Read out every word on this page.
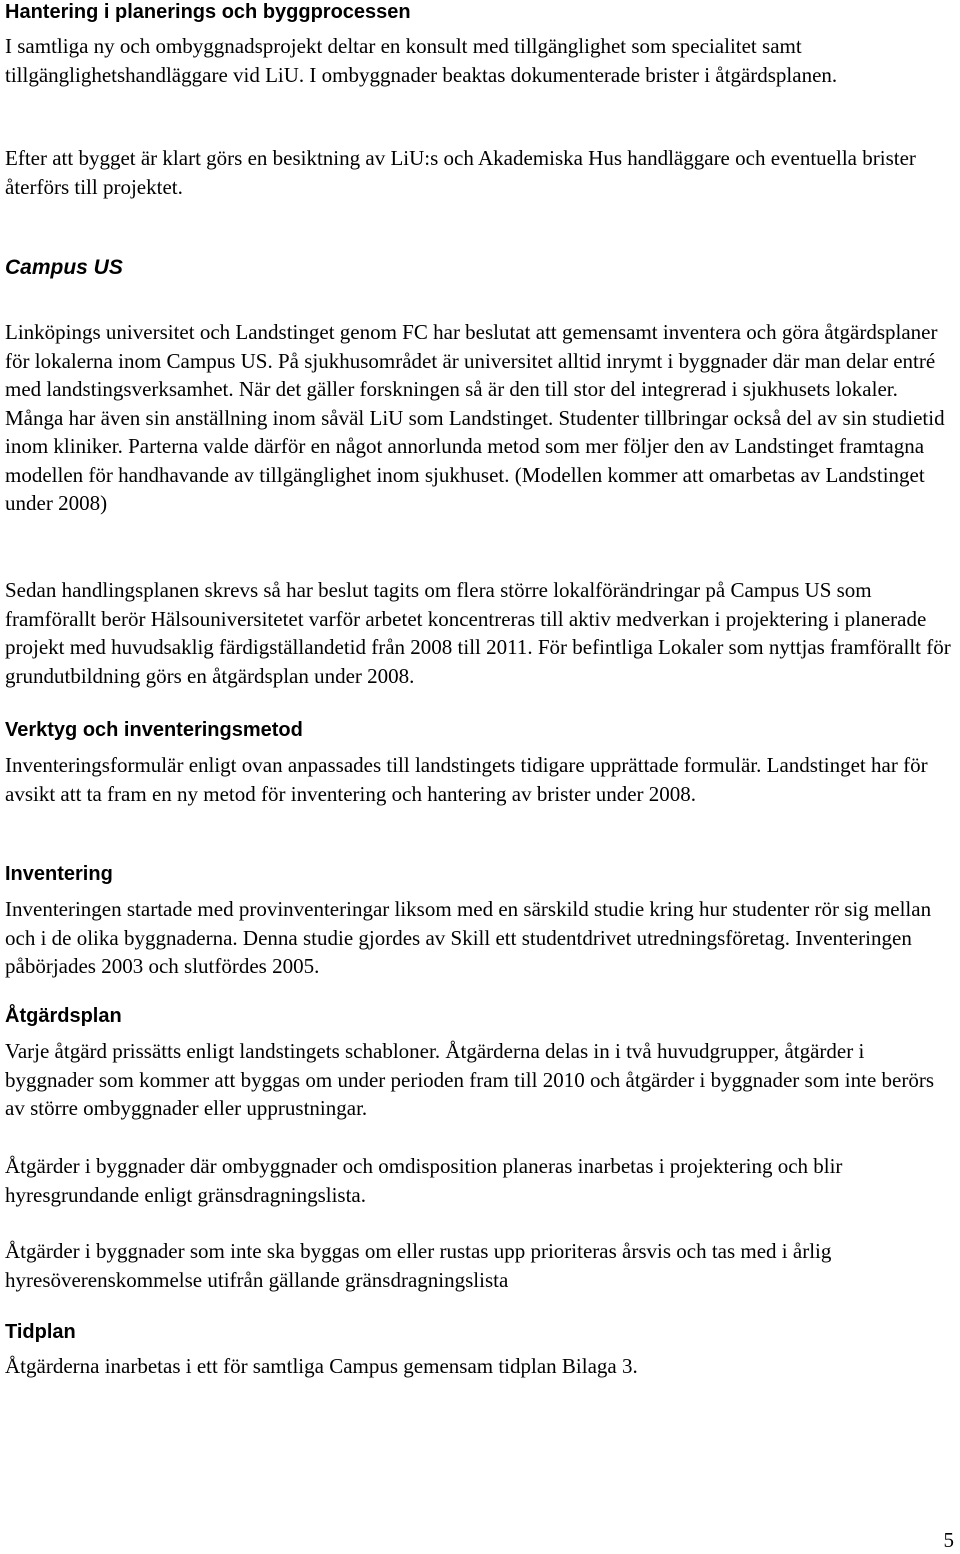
Hantering i planerings och byggprocessen

I samtliga ny och ombyggnadsprojekt deltar en konsult med tillgänglighet som specialitet samt tillgänglighetshandläggare vid LiU. I ombyggnader beaktas dokumenterade brister i åtgärdsplanen.

Efter att bygget är klart görs en besiktning av LiU:s och Akademiska Hus handläggare och eventuella brister återförs till projektet.

Campus US

Linköpings universitet och Landstinget genom FC har beslutat att gemensamt inventera och göra åtgärdsplaner för lokalerna inom Campus US. På sjukhusområdet är universitet alltid inrymt i byggnader där man delar entré med landstingsverksamhet. När det gäller forskningen så är den till stor del integrerad i sjukhusets lokaler. Många har även sin anställning inom såväl LiU som Landstinget. Studenter tillbringar också del av sin studietid inom kliniker. Parterna valde därför en något annorlunda metod som mer följer den av Landstinget framtagna modellen för handhavande av tillgänglighet inom sjukhuset. (Modellen kommer att omarbetas av Landstinget under 2008)

Sedan handlingsplanen skrevs så har beslut tagits om flera större lokalförändringar på Campus US som framförallt berör Hälsouniversitetet varför arbetet koncentreras till aktiv medverkan i projektering i planerade projekt med huvudsaklig färdigställandetid från 2008 till 2011. För befintliga Lokaler som nyttjas framförallt för grundutbildning görs en åtgärdsplan under 2008.

Verktyg och inventeringsmetod

Inventeringsformulär enligt ovan anpassades till landstingets tidigare upprättade formulär. Landstinget har för avsikt att ta fram en ny metod för inventering och hantering av brister under 2008.

Inventering

Inventeringen startade med provinventeringar liksom med en särskild studie kring hur studenter rör sig mellan och i de olika byggnaderna. Denna studie gjordes av Skill ett studentdrivet utredningsföretag. Inventeringen påbörjades 2003 och slutfördes 2005.

Åtgärdsplan

Varje åtgärd prissätts enligt landstingets schabloner. Åtgärderna delas in i två huvudgrupper, åtgärder i byggnader som kommer att byggas om under perioden fram till 2010 och åtgärder i byggnader som inte berörs av större ombyggnader eller upprustningar.

Åtgärder i byggnader där ombyggnader och omdisposition planeras inarbetas i projektering och blir hyresgrundande enligt gränsdragningslista.

Åtgärder i byggnader som inte ska byggas om eller rustas upp prioriteras årsvis och tas med i årlig hyresöverenskommelse utifrån gällande gränsdragningslista

Tidplan

Åtgärderna inarbetas i ett för samtliga Campus gemensam tidplan Bilaga 3.

5
